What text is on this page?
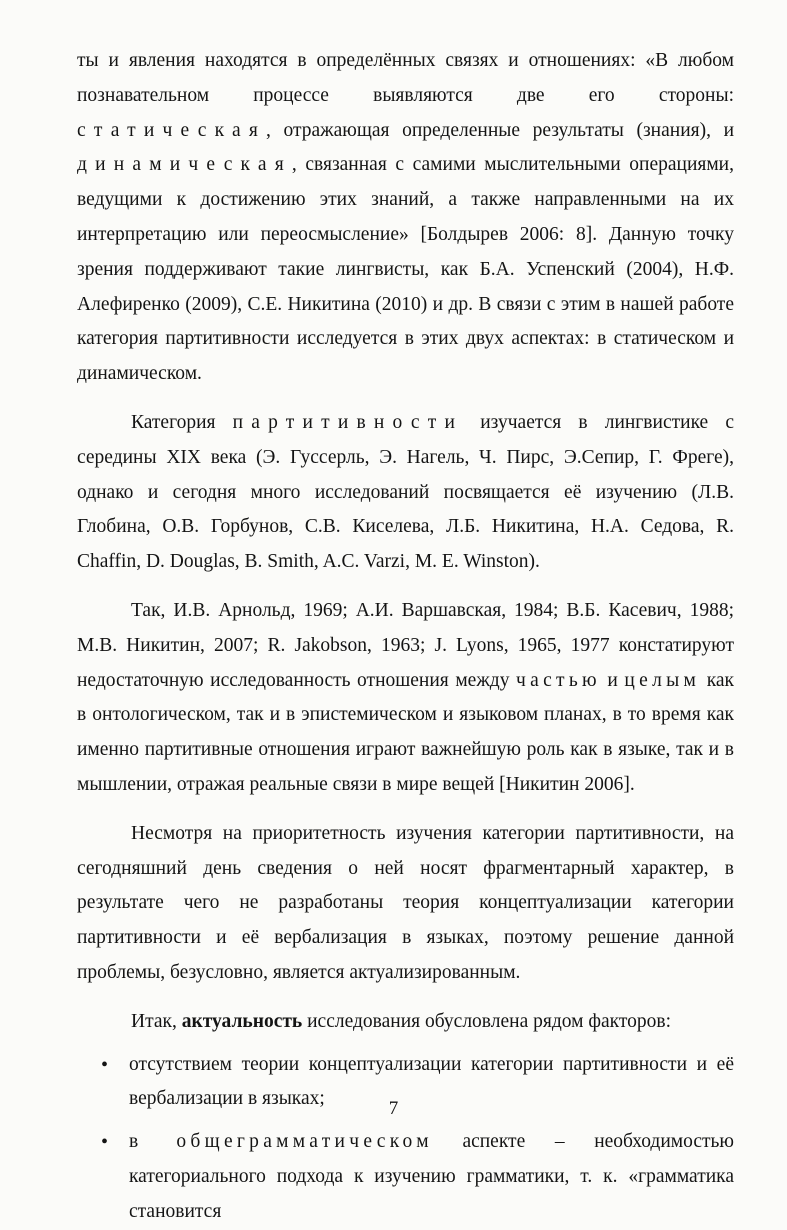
ты и явления находятся в определённых связях и отношениях: «В любом познавательном процессе выявляются две его стороны: статическая, отражающая определенные результаты (знания), и динамическая, связанная с самими мыслительными операциями, ведущими к достижению этих знаний, а также направленными на их интерпретацию или переосмысление» [Болдырев 2006: 8]. Данную точку зрения поддерживают такие лингвисты, как Б.А. Успенский (2004), Н.Ф. Алефиренко (2009), С.Е. Никитина (2010) и др. В связи с этим в нашей работе категория партитивности исследуется в этих двух аспектах: в статическом и динамическом.

Категория партитивности изучается в лингвистике с середины XIX века (Э. Гуссерль, Э. Нагель, Ч. Пирс, Э.Сепир, Г. Фреге), однако и сегодня много исследований посвящается её изучению (Л.В. Глобина, О.В. Горбунов, С.В. Киселева, Л.Б. Никитина, Н.А. Седова, R. Chaffin, D. Douglas, B. Smith, A.C. Varzi, M. E. Winston).

Так, И.В. Арнольд, 1969; А.И. Варшавская, 1984; В.Б. Касевич, 1988; М.В. Никитин, 2007; R. Jakobson, 1963; J. Lyons, 1965, 1977 констатируют недостаточную исследованность отношения между частью и целым как в онтологическом, так и в эпистемическом и языковом планах, в то время как именно партитивные отношения играют важнейшую роль как в языке, так и в мышлении, отражая реальные связи в мире вещей [Никитин 2006].

Несмотря на приоритетность изучения категории партитивности, на сегодняшний день сведения о ней носят фрагментарный характер, в результате чего не разработаны теория концептуализации категории партитивности и её вербализация в языках, поэтому решение данной проблемы, безусловно, является актуализированным.

Итак, актуальность исследования обусловлена рядом факторов:

• отсутствием теории концептуализации категории партитивности и её вербализации в языках;
• в общеграмматическом аспекте – необходимостью категориального подхода к изучению грамматики, т. к. «грамматика становится
7
